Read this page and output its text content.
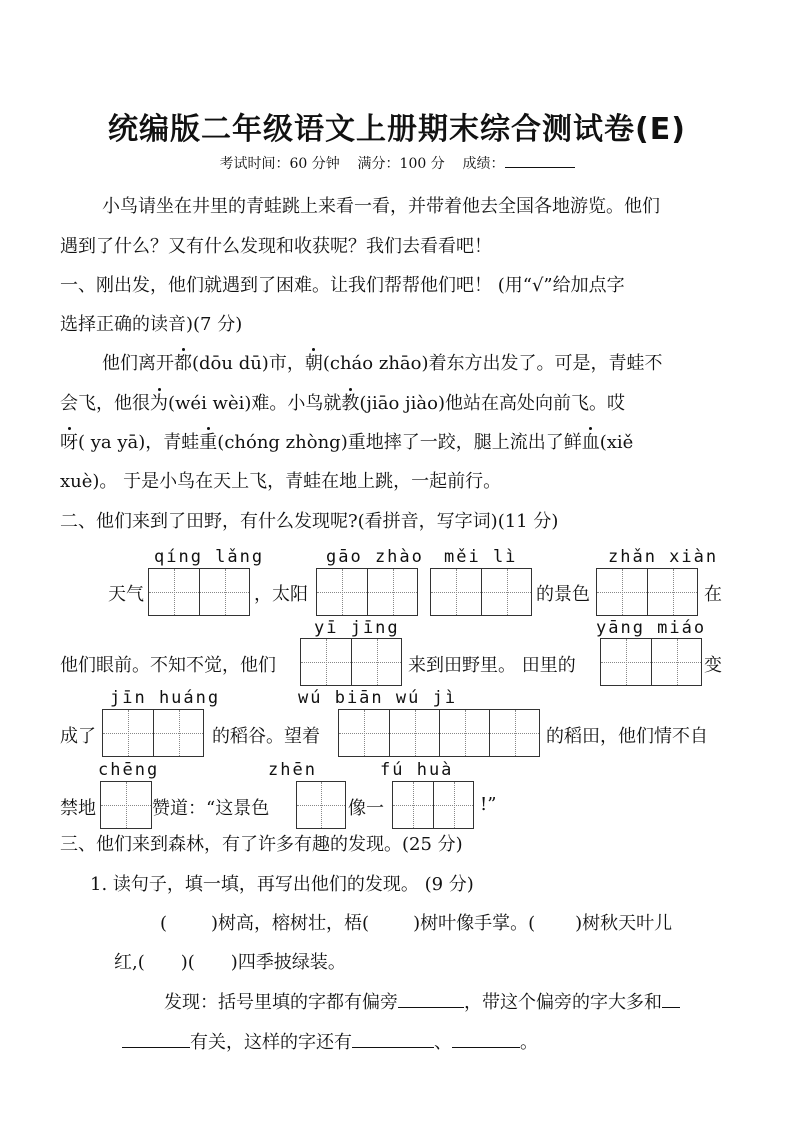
统编版二年级语文上册期末综合测试卷(E)
考试时间：60 分钟 满分：100 分 成绩：
小鸟请坐在井里的青蛙跳上来看一看，并带着他去全国各地游览。他们
遇到了什么？又有什么发现和收获呢？我们去看看吧！
一、刚出发，他们就遇到了困难。让我们帮帮他们吧！ (用“√”给加点字
选择正确的读音)(7 分)
他们离开都(dōu dū)市，朝(cháo zhāo)着东方出发了。可是，青蛙不
会飞，他很为(wéi wèi)难。小鸟就教(jiāo jiào)他站在高处向前飞。哎
呀( ya yā)，青蛙重(chóng zhòng)重地摔了一跤，腿上流出了鲜血(xiě
xuè)。 于是小鸟在天上飞，青蛙在地上跳，一起前行。
二、他们来到了田野，有什么发现呢?(看拼音，写字词)(11 分)
qíng lǎng	gāo zhào měi lì	zhǎn xiàn
天气	，太阳	的景色	在
yī jīng	yāng miáo
他们眼前。不知不觉，他们	来到田野里。 田里的	变
jīn huáng	wú biān wú jì
成了	的稻谷。望着	的稻田，他们情不自
chēng	zhēn	fú huà
禁地	赞道：“这景色	像一	!”
三、他们来到森林，有了许多有趣的发现。(25 分)
1. 读句子，填一填，再写出他们的发现。 (9 分)
( )树高，榕树壮，梧( )树叶像手掌。( )树秋天叶儿
红,( )( )四季披绿装。
发现：括号里填的字都有偏旁	，带这个偏旁的字大多和
有关，这样的字还有	、	。
